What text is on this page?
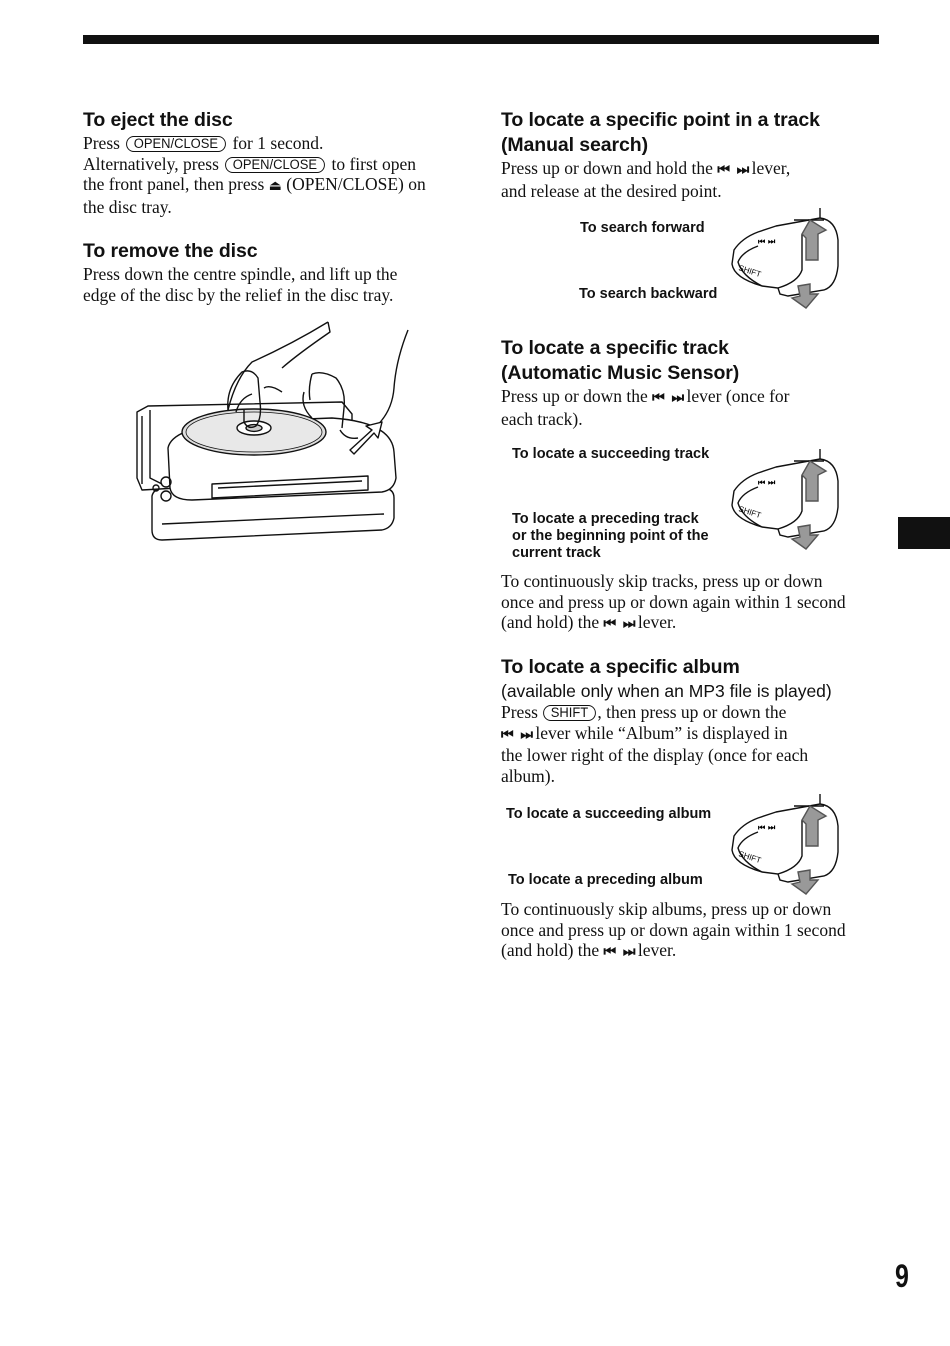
9
To eject the disc

Press OPEN/CLOSE for 1 second.
Alternatively, press OPEN/CLOSE to first open
the front panel, then press ⏏ (OPEN/CLOSE) on
the disc tray.

To remove the disc

Press down the centre spindle, and lift up the
edge of the disc by the relief in the disc tray.

To locate a specific point in a track
(Manual search)

Press up or down and hold the ⏮ ⏭ lever,
and release at the desired point.

To search forward
To search backward
⏮ ⏭
SHIFT
To locate a specific track
(Automatic Music Sensor)

Press up or down the ⏮ ⏭ lever (once for
each track).

To locate a succeeding track
To locate a preceding track
or the beginning point of the
current track
⏮ ⏭
SHIFT

To continuously skip tracks, press up or down
once and press up or down again within 1 second
(and hold) the ⏮ ⏭ lever.

To locate a specific album
(available only when an MP3 file is played)

Press SHIFT , then press up or down the
⏮ ⏭ lever while “Album” is displayed in
the lower right of the display (once for each
album).

To locate a succeeding album
To locate a preceding album
⏮ ⏭
SHIFT

To continuously skip albums, press up or down
once and press up or down again within 1 second
(and hold) the ⏮ ⏭ lever.
